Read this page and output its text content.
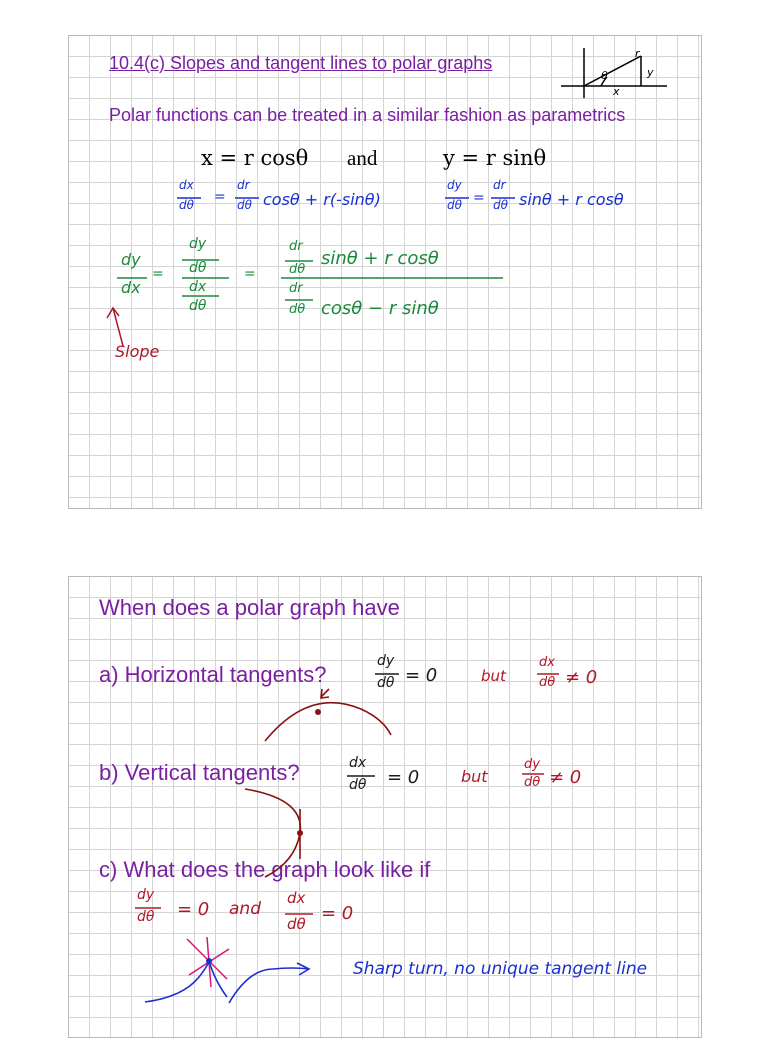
10.4(c) Slopes and tangent lines to polar graphs	r
θ	y
x
Polar functions can be treated in a similar fashion as parametrics
x = r cosθ and	y = r sinθ
dx
dθ =
dr
dθ cosθ + r(-sinθ)
dy
dθ =
dr
dθ sinθ + r cosθ
dy
dx
=
dy
dθ
dx
dθ
=
dr
dθ
sinθ + r cosθ
dr
dθ cosθ − r sinθ
Slope
When does a polar graph have
a) Horizontal tangents?
dy
dθ = 0	but
dx
dθ ≠ 0
b) Vertical tangents?	dx
dθ = 0	but
dy
dθ ≠ 0
c) What does the graph look like if
dy
dθ = 0 and
dx
dθ = 0
Sharp turn, no unique tangent line
